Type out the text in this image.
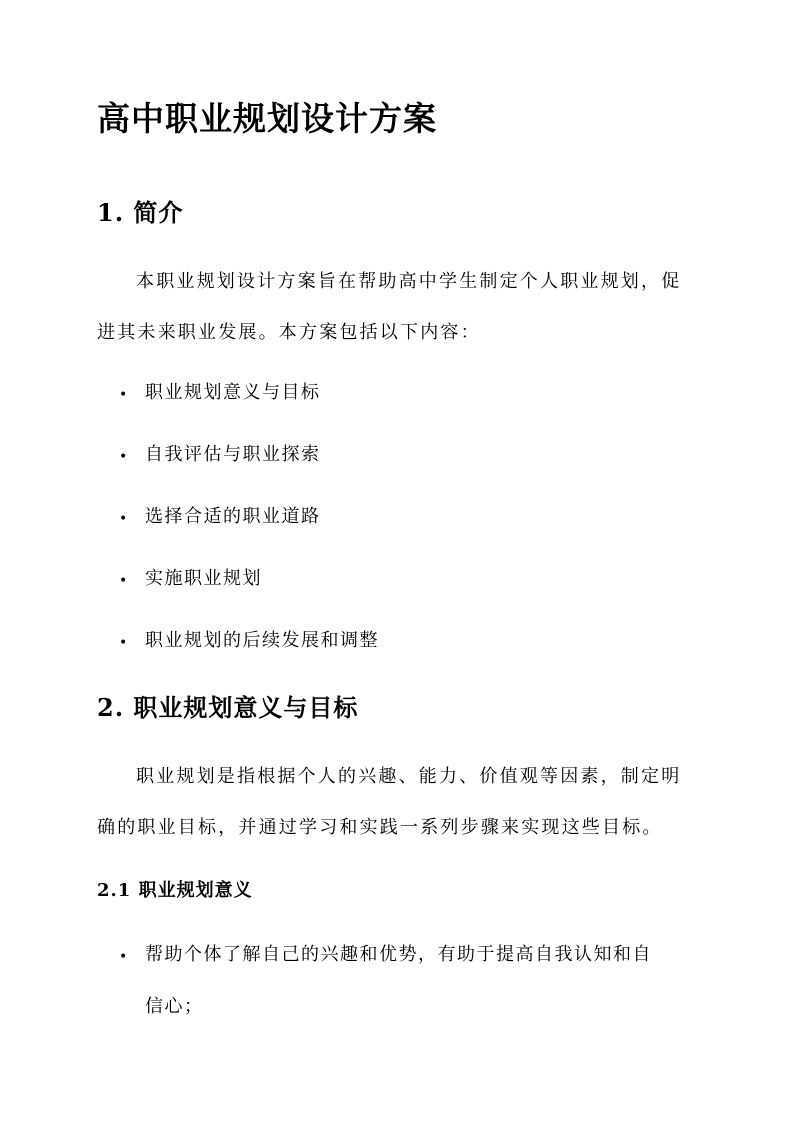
高中职业规划设计方案
1. 简介

本职业规划设计方案旨在帮助高中学生制定个人职业规划，促

进其未来职业发展。本方案包括以下内容：

• 职业规划意义与目标
• 自我评估与职业探索
• 选择合适的职业道路
• 实施职业规划
• 职业规划的后续发展和调整
2. 职业规划意义与目标

职业规划是指根据个人的兴趣、能力、价值观等因素，制定明

确的职业目标，并通过学习和实践一系列步骤来实现这些目标。

2.1 职业规划意义
• 帮助个体了解自己的兴趣和优势，有助于提高自我认知和自
信心；
